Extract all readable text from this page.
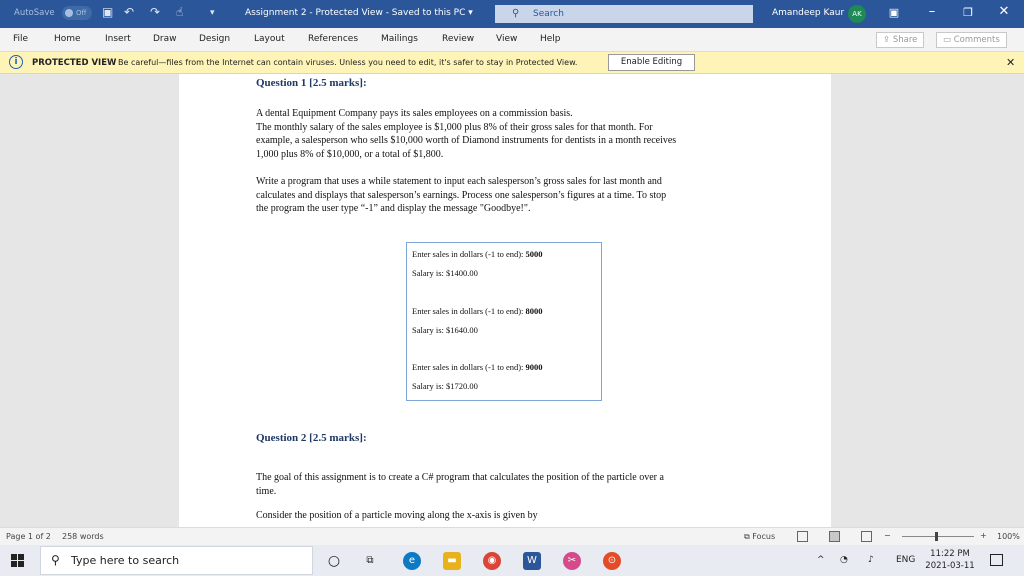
AutoSave	Off	▣ ↶ ↷ ☝	▾	Assignment 2 - Protected View - Saved to this PC ▾	⚲ Search	Amandeep Kaur	AK	▣	–	❐	✕
File	Home	Insert Draw Design	Layout	References	Mailings	Review View	Help	⇪ Share	▭ Comments
i	PROTECTED VIEW Be careful—files from the Internet can contain viruses. Unless you need to edit, it's safer to stay in Protected View.	Enable Editing	✕
Question 1 [2.5 marks]:
A dental Equipment Company pays its sales employees on a commission basis.
The monthly salary of the sales employee is $1,000 plus 8% of their gross sales for that month. For
example, a salesperson who sells $10,000 worth of Diamond instruments for dentists in a month receives
1,000 plus 8% of $10,000, or a total of $1,800.
Write a program that uses a while statement to input each salesperson’s gross sales for last month and
calculates and displays that salesperson’s earnings. Process one salesperson’s figures at a time. To stop
the program the user type “-1” and display the message "Goodbye!".
Enter sales in dollars (-1 to end): 5000
Salary is: $1400.00
Enter sales in dollars (-1 to end): 8000
Salary is: $1640.00
Enter sales in dollars (-1 to end): 9000
Salary is: $1720.00
Question 2 [2.5 marks]:
The goal of this assignment is to create a C# program that calculates the position of the particle over a
time.
Consider the position of a particle moving along the x-axis is given by
Page 1 of 2 258 words	⧉ Focus	−	+ 100%
⚲ Type here to search	○	⧉	e	▬	◉	W	✂	⊙	^ ◔ ♪ ENG
11:22 PM
2021-03-11
